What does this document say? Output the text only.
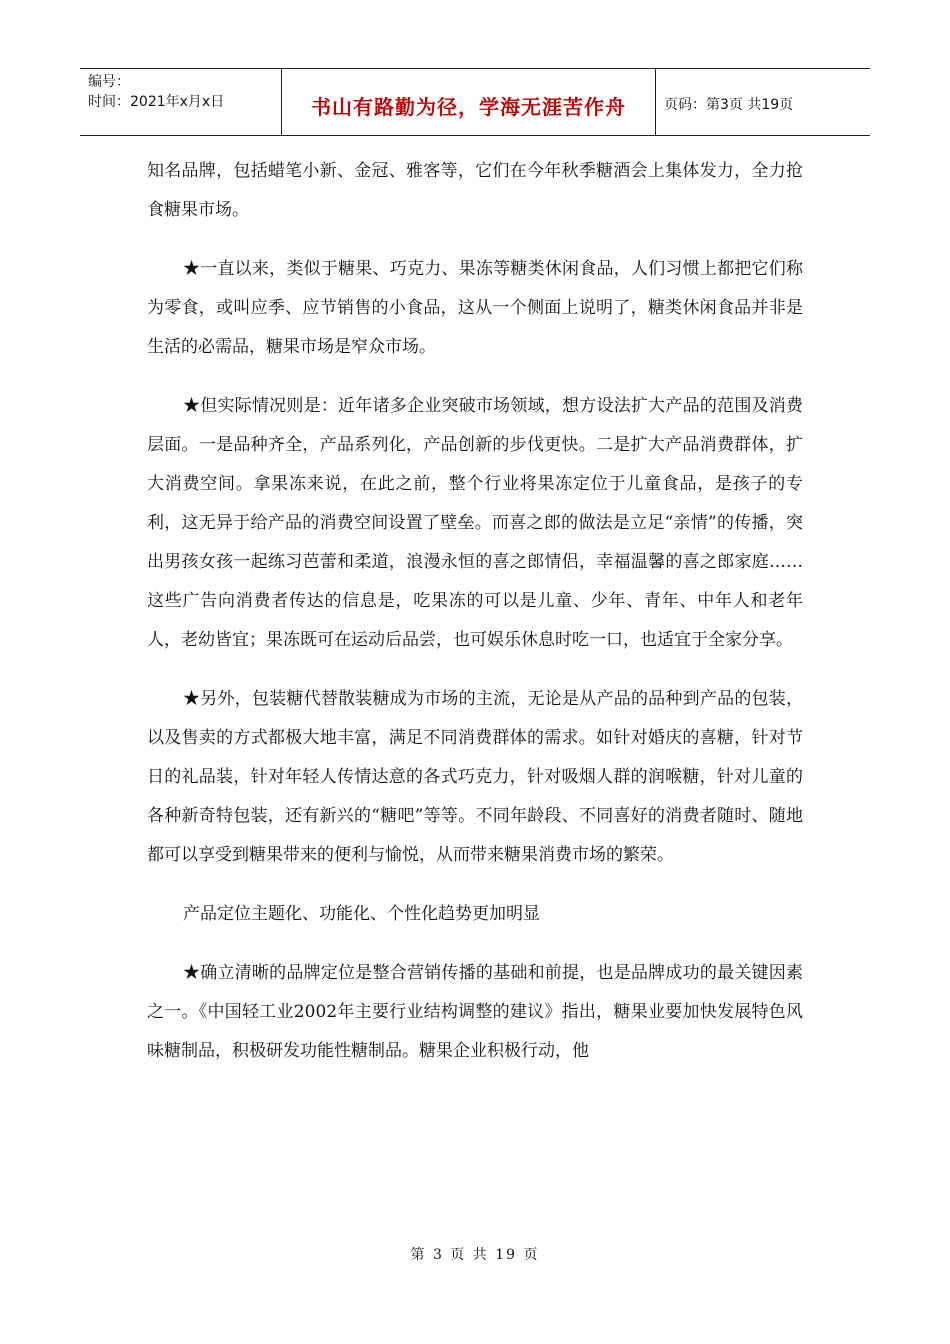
编号：
时间：2021年x月x日	书山有路勤为径，学海无涯苦作舟	页码：第3页 共19页

知名品牌，包括蜡笔小新、金冠、雅客等，它们在今年秋季糖酒会上集体发力，全力抢食糖果市场。

★一直以来，类似于糖果、巧克力、果冻等糖类休闲食品，人们习惯上都把它们称为零食，或叫应季、应节销售的小食品，这从一个侧面上说明了，糖类休闲食品并非是生活的必需品，糖果市场是窄众市场。

★但实际情况则是：近年诸多企业突破市场领域，想方设法扩大产品的范围及消费层面。一是品种齐全，产品系列化，产品创新的步伐更快。二是扩大产品消费群体，扩大消费空间。拿果冻来说，在此之前，整个行业将果冻定位于儿童食品，是孩子的专利，这无异于给产品的消费空间设置了壁垒。而喜之郎的做法是立足“亲情”的传播，突出男孩女孩一起练习芭蕾和柔道，浪漫永恒的喜之郎情侣，幸福温馨的喜之郎家庭……这些广告向消费者传达的信息是，吃果冻的可以是儿童、少年、青年、中年人和老年人，老幼皆宜；果冻既可在运动后品尝，也可娱乐休息时吃一口，也适宜于全家分享。

★另外，包装糖代替散装糖成为市场的主流，无论是从产品的品种到产品的包装，以及售卖的方式都极大地丰富，满足不同消费群体的需求。如针对婚庆的喜糖，针对节日的礼品装，针对年轻人传情达意的各式巧克力，针对吸烟人群的润喉糖，针对儿童的各种新奇特包装，还有新兴的“糖吧”等等。不同年龄段、不同喜好的消费者随时、随地都可以享受到糖果带来的便利与愉悦，从而带来糖果消费市场的繁荣。

产品定位主题化、功能化、个性化趋势更加明显

★确立清晰的品牌定位是整合营销传播的基础和前提，也是品牌成功的最关键因素之一。《中国轻工业2002年主要行业结构调整的建议》指出，糖果业要加快发展特色风味糖制品，积极研发功能性糖制品。糖果企业积极行动，他

第 3 页 共 19 页
